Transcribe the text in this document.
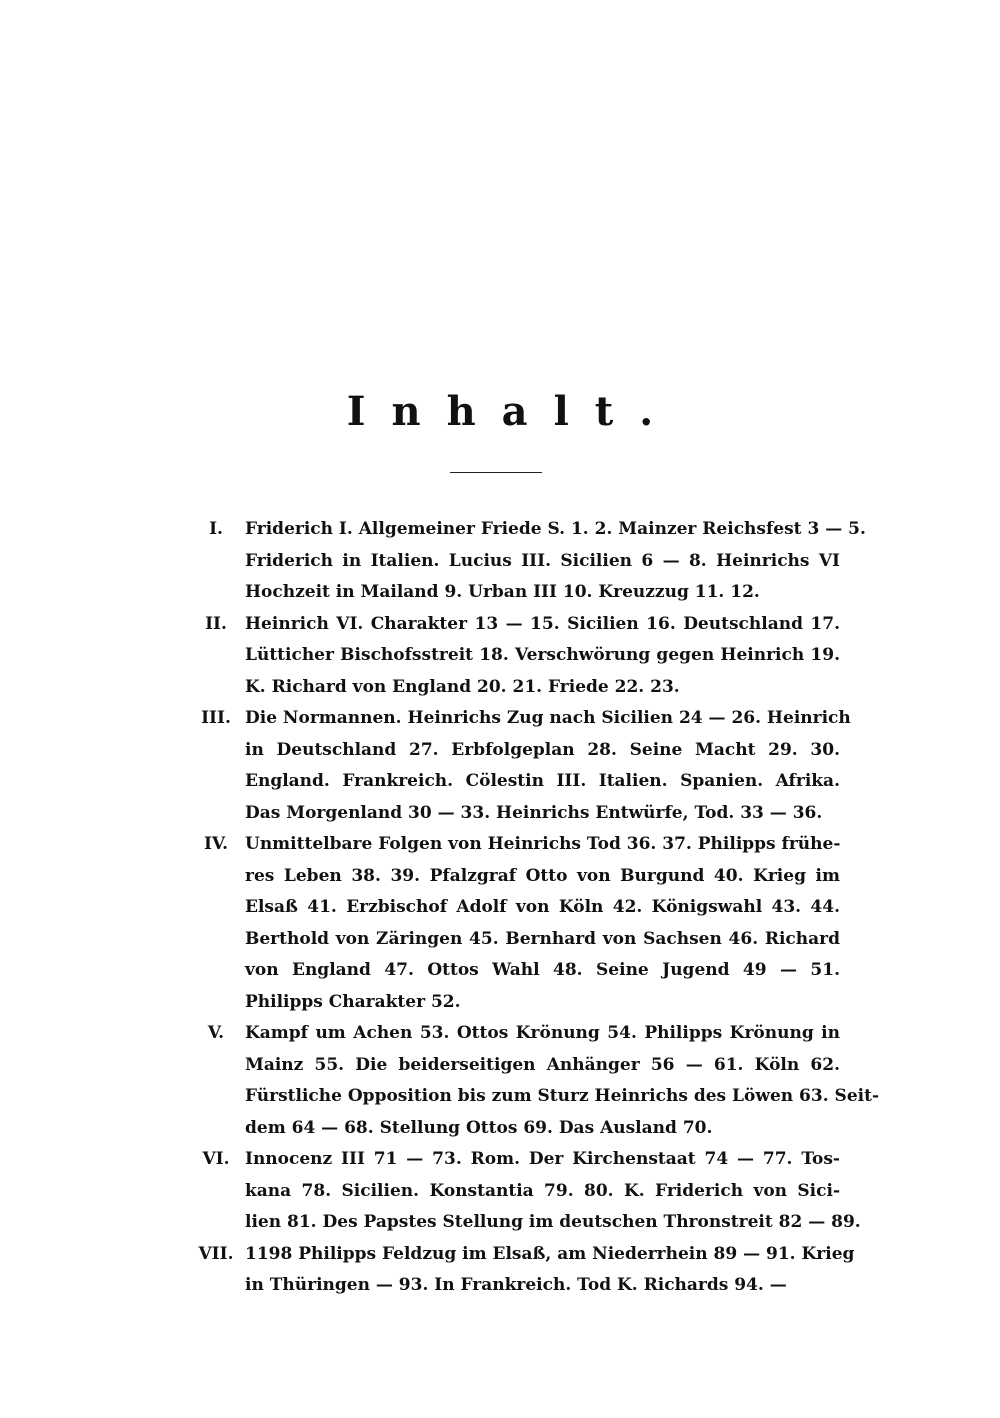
Inhalt.
I.	Friderich I. Allgemeiner Friede S. 1. 2. Mainzer Reichsfest 3 — 5.
Friderich in Italien. Lucius III. Sicilien 6 — 8. Heinrichs VI
Hochzeit in Mailand 9. Urban III 10. Kreuzzug 11. 12.
II.	Heinrich VI. Charakter 13 — 15. Sicilien 16. Deutschland 17.
Lütticher Bischofsstreit 18. Verschwörung gegen Heinrich 19.
K. Richard von England 20. 21. Friede 22. 23.
III. Die Normannen. Heinrichs Zug nach Sicilien 24 — 26. Heinrich
in Deutschland 27. Erbfolgeplan 28. Seine Macht 29. 30.
England. Frankreich. Cölestin III. Italien. Spanien. Afrika.
Das Morgenland 30 — 33. Heinrichs Entwürfe, Tod. 33 — 36.
IV. Unmittelbare Folgen von Heinrichs Tod 36. 37. Philipps frühe-
res Leben 38. 39. Pfalzgraf Otto von Burgund 40. Krieg im
Elsaß 41. Erzbischof Adolf von Köln 42. Königswahl 43. 44.
Berthold von Zäringen 45. Bernhard von Sachsen 46. Richard
von England 47. Ottos Wahl 48. Seine Jugend 49 — 51.
Philipps Charakter 52.
V.	Kampf um Achen 53. Ottos Krönung 54. Philipps Krönung in
Mainz 55. Die beiderseitigen Anhänger 56 — 61. Köln 62.
Fürstliche Opposition bis zum Sturz Heinrichs des Löwen 63. Seit-
dem 64 — 68. Stellung Ottos 69. Das Ausland 70.
VI. Innocenz III 71 — 73. Rom. Der Kirchenstaat 74 — 77. Tos-
kana 78. Sicilien. Konstantia 79. 80. K. Friderich von Sici-
lien 81. Des Papstes Stellung im deutschen Thronstreit 82 — 89.
VII. 1198 Philipps Feldzug im Elsaß, am Niederrhein 89 — 91. Krieg
in Thüringen — 93. In Frankreich. Tod K. Richards 94. —
